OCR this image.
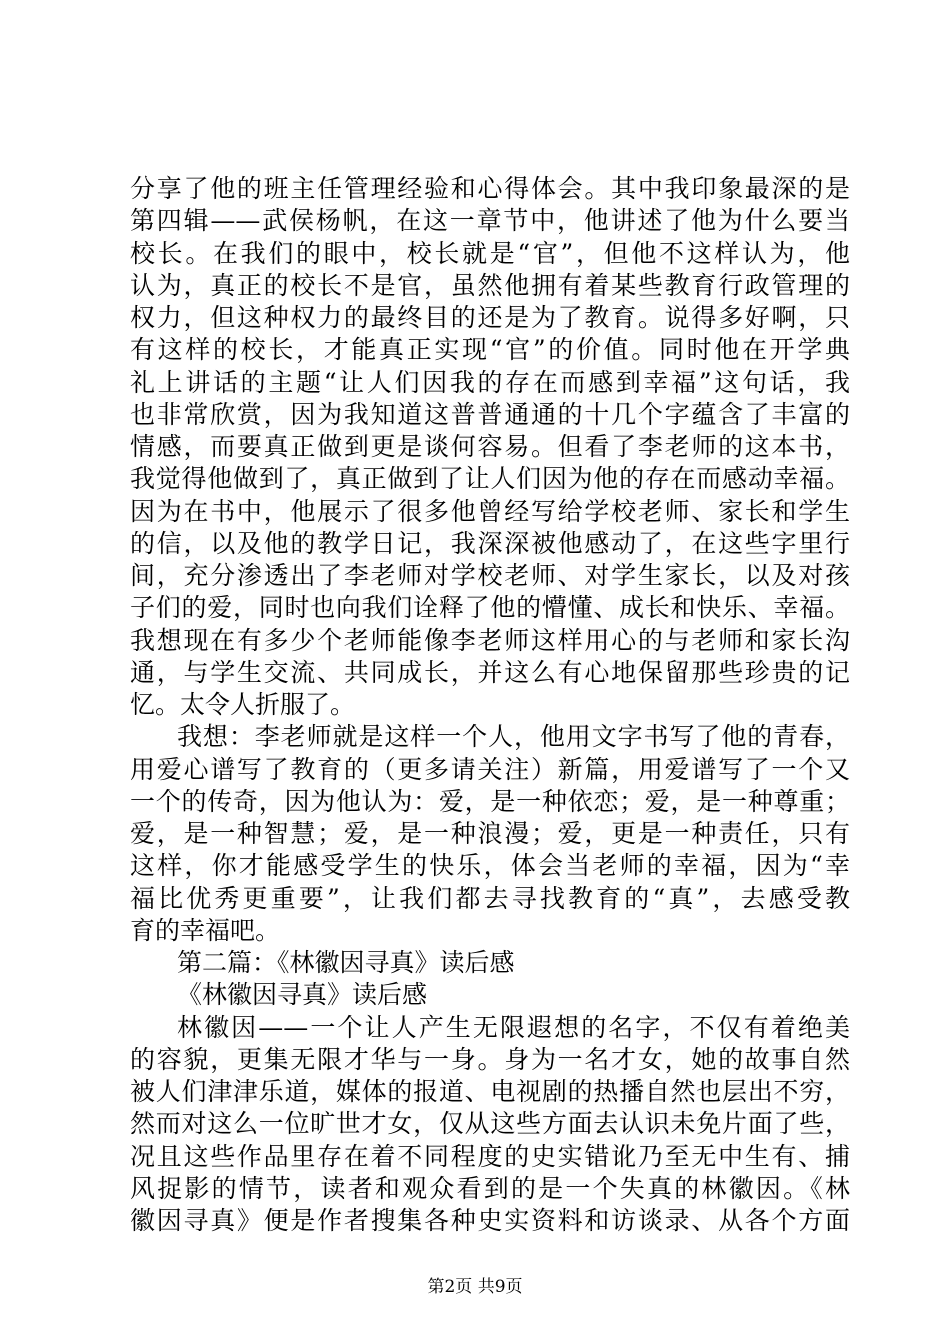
分享了他的班主任管理经验和心得体会。其中我印象最深的是
第四辑——武侯杨帆，在这一章节中，他讲述了他为什么要当
校长。在我们的眼中，校长就是“官”，但他不这样认为，他
认为，真正的校长不是官，虽然他拥有着某些教育行政管理的
权力，但这种权力的最终目的还是为了教育。说得多好啊，只
有这样的校长，才能真正实现“官”的价值。同时他在开学典
礼上讲话的主题“让人们因我的存在而感到幸福”这句话，我
也非常欣赏，因为我知道这普普通通的十几个字蕴含了丰富的
情感，而要真正做到更是谈何容易。但看了李老师的这本书，
我觉得他做到了，真正做到了让人们因为他的存在而感动幸福。
因为在书中，他展示了很多他曾经写给学校老师、家长和学生
的信，以及他的教学日记，我深深被他感动了，在这些字里行
间，充分渗透出了李老师对学校老师、对学生家长，以及对孩
子们的爱，同时也向我们诠释了他的懵懂、成长和快乐、幸福。
我想现在有多少个老师能像李老师这样用心的与老师和家长沟
通，与学生交流、共同成长，并这么有心地保留那些珍贵的记
忆。太令人折服了。
我想：李老师就是这样一个人，他用文字书写了他的青春，
用爱心谱写了教育的（更多请关注）新篇，用爱谱写了一个又
一个的传奇，因为他认为：爱，是一种依恋；爱，是一种尊重；
爱，是一种智慧；爱，是一种浪漫；爱，更是一种责任，只有
这样，你才能感受学生的快乐，体会当老师的幸福，因为“幸
福比优秀更重要”，让我们都去寻找教育的“真”，去感受教
育的幸福吧。
第二篇：《林徽因寻真》读后感
《林徽因寻真》读后感
林徽因——一个让人产生无限遐想的名字，不仅有着绝美
的容貌，更集无限才华与一身。身为一名才女，她的故事自然
被人们津津乐道，媒体的报道、电视剧的热播自然也层出不穷，
然而对这么一位旷世才女，仅从这些方面去认识未免片面了些，
况且这些作品里存在着不同程度的史实错讹乃至无中生有、捕
风捉影的情节，读者和观众看到的是一个失真的林徽因。《林
徽因寻真》便是作者搜集各种史实资料和访谈录、从各个方面
第2页 共9页
